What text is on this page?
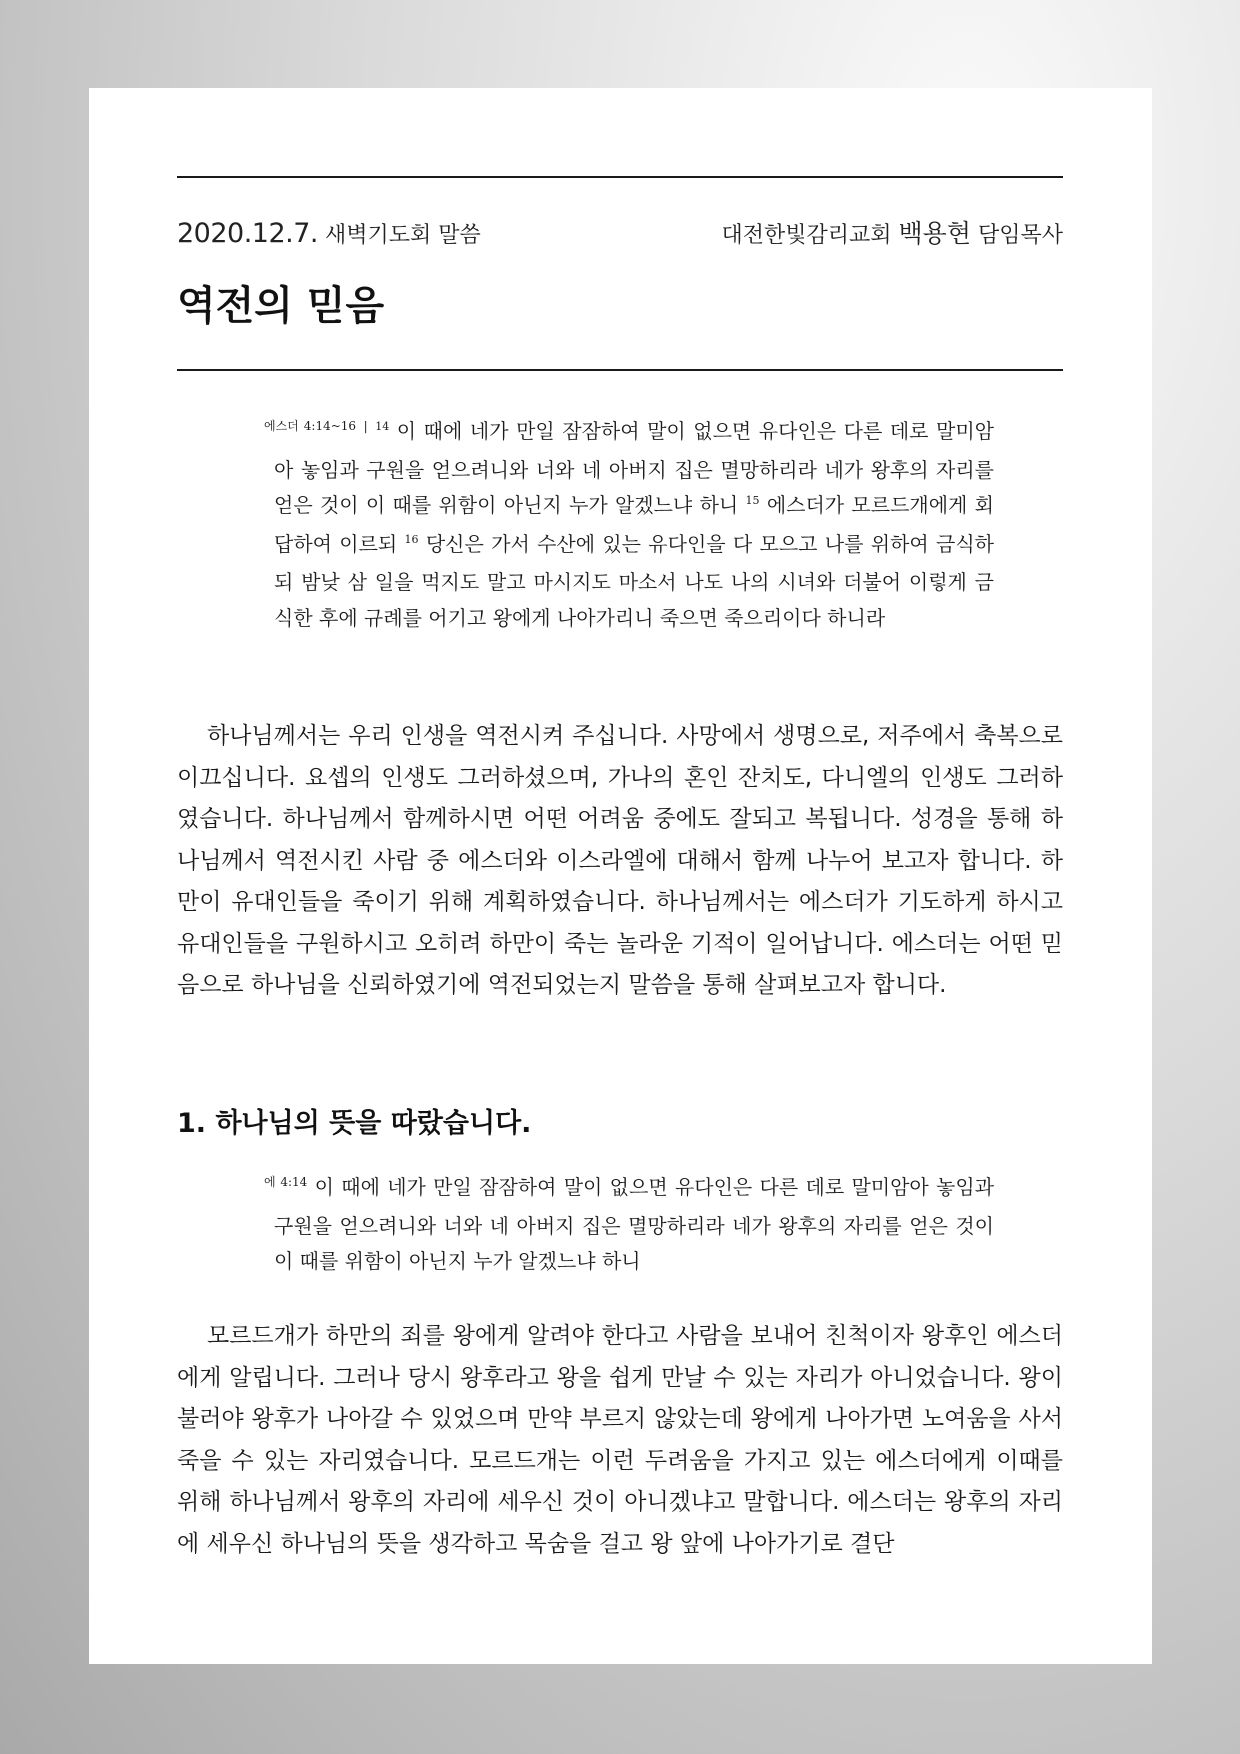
2020.12.7. 새벽기도회 말씀	대전한빛감리교회 백용현 담임목사
역전의 믿음
$^{에스더 4:14\sim 16}$ | $^{14}$ 이 때에 네가 만일 잠잠하여 말이 없으면 유다인은 다른 데로 말미암아 놓임과 구원을 얻으려니와 너와 네 아버지 집은 멸망하리라 네가 왕후의 자리를 얻은 것이 이 때를 위함이 아닌지 누가 알겠느냐 하니 $^{15}$ 에스더가 모르드개에게 회답하여 이르되 $^{16}$ 당신은 가서 수산에 있는 유다인을 다 모으고 나를 위하여 금식하되 밤낮 삼 일을 먹지도 말고 마시지도 마소서 나도 나의 시녀와 더불어 이렇게 금식한 후에 규례를 어기고 왕에게 나아가리니 죽으면 죽으리이다 하니라

하나님께서는 우리 인생을 역전시켜 주십니다. 사망에서 생명으로, 저주에서 축복으로 이끄십니다. 요셉의 인생도 그러하셨으며, 가나의 혼인 잔치도, 다니엘의 인생도 그러하였습니다. 하나님께서 함께하시면 어떤 어려움 중에도 잘되고 복됩니다. 성경을 통해 하나님께서 역전시킨 사람 중 에스더와 이스라엘에 대해서 함께 나누어 보고자 합니다. 하만이 유대인들을 죽이기 위해 계획하였습니다. 하나님께서는 에스더가 기도하게 하시고 유대인들을 구원하시고 오히려 하만이 죽는 놀라운 기적이 일어납니다. 에스더는 어떤 믿음으로 하나님을 신뢰하였기에 역전되었는지 말씀을 통해 살펴보고자 합니다.

1. 하나님의 뜻을 따랐습니다.
$^{에 4:14}$ 이 때에 네가 만일 잠잠하여 말이 없으면 유다인은 다른 데로 말미암아 놓임과 구원을 얻으려니와 너와 네 아버지 집은 멸망하리라 네가 왕후의 자리를 얻은 것이 이 때를 위함이 아닌지 누가 알겠느냐 하니

모르드개가 하만의 죄를 왕에게 알려야 한다고 사람을 보내어 친척이자 왕후인 에스더에게 알립니다. 그러나 당시 왕후라고 왕을 쉽게 만날 수 있는 자리가 아니었습니다. 왕이 불러야 왕후가 나아갈 수 있었으며 만약 부르지 않았는데 왕에게 나아가면 노여움을 사서 죽을 수 있는 자리였습니다. 모르드개는 이런 두려움을 가지고 있는 에스더에게 이때를 위해 하나님께서 왕후의 자리에 세우신 것이 아니겠냐고 말합니다. 에스더는 왕후의 자리에 세우신 하나님의 뜻을 생각하고 목숨을 걸고 왕 앞에 나아가기로 결단
